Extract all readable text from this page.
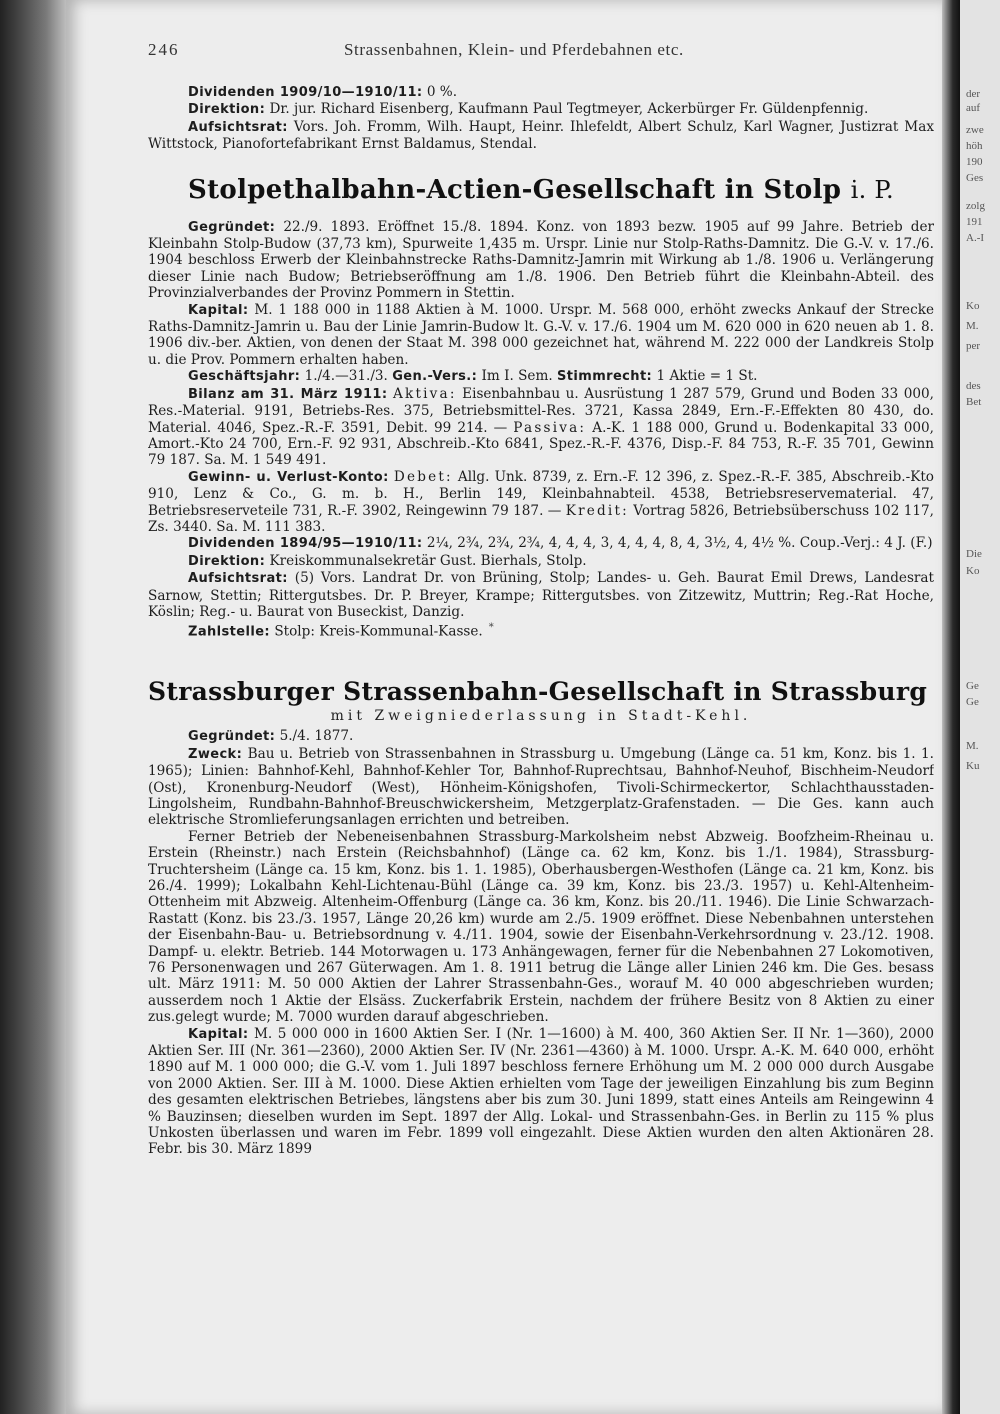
der
auf
zwe
höh
190
Ges
zolg
191
A.-I
Ko
M.
per
des
Bet
Die
Ko
Ge
Ge
M.
Ku
246	Strassenbahnen, Klein- und Pferdebahnen etc.

Dividenden 1909/10—1910/11: 0 %.

Direktion: Dr. jur. Richard Eisenberg, Kaufmann Paul Tegtmeyer, Ackerbürger Fr. Güldenpfennig.

Aufsichtsrat: Vors. Joh. Fromm, Wilh. Haupt, Heinr. Ihlefeldt, Albert Schulz, Karl Wagner, Justizrat Max Wittstock, Pianofortefabrikant Ernst Baldamus, Stendal.

Stolpethalbahn-Actien-Gesellschaft in Stolp i. P.

Gegründet: 22./9. 1893. Eröffnet 15./8. 1894. Konz. von 1893 bezw. 1905 auf 99 Jahre. Betrieb der Kleinbahn Stolp-Budow (37,73 km), Spurweite 1,435 m. Urspr. Linie nur Stolp-Raths-Damnitz. Die G.-V. v. 17./6. 1904 beschloss Erwerb der Kleinbahnstrecke Raths-Damnitz-Jamrin mit Wirkung ab 1./8. 1906 u. Verlängerung dieser Linie nach Budow; Betriebseröffnung am 1./8. 1906. Den Betrieb führt die Kleinbahn-Abteil. des Provinzialverbandes der Provinz Pommern in Stettin.

Kapital: M. 1 188 000 in 1188 Aktien à M. 1000. Urspr. M. 568 000, erhöht zwecks Ankauf der Strecke Raths-Damnitz-Jamrin u. Bau der Linie Jamrin-Budow lt. G.-V. v. 17./6. 1904 um M. 620 000 in 620 neuen ab 1. 8. 1906 div.-ber. Aktien, von denen der Staat M. 398 000 gezeichnet hat, während M. 222 000 der Landkreis Stolp u. die Prov. Pommern erhalten haben.

Geschäftsjahr: 1./4.—31./3. Gen.-Vers.: Im I. Sem. Stimmrecht: 1 Aktie = 1 St.

Bilanz am 31. März 1911: Aktiva: Eisenbahnbau u. Ausrüstung 1 287 579, Grund und Boden 33 000, Res.-Material. 9191, Betriebs-Res. 375, Betriebsmittel-Res. 3721, Kassa 2849, Ern.-F.-Effekten 80 430, do. Material. 4046, Spez.-R.-F. 3591, Debit. 99 214. — Passiva: A.-K. 1 188 000, Grund u. Bodenkapital 33 000, Amort.-Kto 24 700, Ern.-F. 92 931, Abschreib.-Kto 6841, Spez.-R.-F. 4376, Disp.-F. 84 753, R.-F. 35 701, Gewinn 79 187. Sa. M. 1 549 491.

Gewinn- u. Verlust-Konto: Debet: Allg. Unk. 8739, z. Ern.-F. 12 396, z. Spez.-R.-F. 385, Abschreib.-Kto 910, Lenz & Co., G. m. b. H., Berlin 149, Kleinbahnabteil. 4538, Betriebsreservematerial. 47, Betriebsreserveteile 731, R.-F. 3902, Reingewinn 79 187. — Kredit: Vortrag 5826, Betriebsüberschuss 102 117, Zs. 3440. Sa. M. 111 383.

Dividenden 1894/95—1910/11: 2¼, 2¾, 2¾, 2¾, 4, 4, 4, 3, 4, 4, 4, 8, 4, 3½, 4, 4½ %. Coup.-Verj.: 4 J. (F.)

Direktion: Kreiskommunalsekretär Gust. Bierhals, Stolp.

Aufsichtsrat: (5) Vors. Landrat Dr. von Brüning, Stolp; Landes- u. Geh. Baurat Emil Drews, Landesrat Sarnow, Stettin; Rittergutsbes. Dr. P. Breyer, Krampe; Rittergutsbes. von Zitzewitz, Muttrin; Reg.-Rat Hoche, Köslin; Reg.- u. Baurat von Buseckist, Danzig.

Zahlstelle: Stolp: Kreis-Kommunal-Kasse. *

Strassburger Strassenbahn-Gesellschaft in Strassburg
mit Zweigniederlassung in Stadt-Kehl.

Gegründet: 5./4. 1877.

Zweck: Bau u. Betrieb von Strassenbahnen in Strassburg u. Umgebung (Länge ca. 51 km, Konz. bis 1. 1. 1965); Linien: Bahnhof-Kehl, Bahnhof-Kehler Tor, Bahnhof-Ruprechtsau, Bahnhof-Neuhof, Bischheim-Neudorf (Ost), Kronenburg-Neudorf (West), Hönheim-Königshofen, Tivoli-Schirmeckertor, Schlachthausstaden-Lingolsheim, Rundbahn-Bahnhof-Breuschwickersheim, Metzgerplatz-Grafenstaden. — Die Ges. kann auch elektrische Stromlieferungsanlagen errichten und betreiben.

Ferner Betrieb der Nebeneisenbahnen Strassburg-Markolsheim nebst Abzweig. Boofzheim-Rheinau u. Erstein (Rheinstr.) nach Erstein (Reichsbahnhof) (Länge ca. 62 km, Konz. bis 1./1. 1984), Strassburg-Truchtersheim (Länge ca. 15 km, Konz. bis 1. 1. 1985), Oberhausbergen-Westhofen (Länge ca. 21 km, Konz. bis 26./4. 1999); Lokalbahn Kehl-Lichtenau-Bühl (Länge ca. 39 km, Konz. bis 23./3. 1957) u. Kehl-Altenheim-Ottenheim mit Abzweig. Altenheim-Offenburg (Länge ca. 36 km, Konz. bis 20./11. 1946). Die Linie Schwarzach-Rastatt (Konz. bis 23./3. 1957, Länge 20,26 km) wurde am 2./5. 1909 eröffnet. Diese Nebenbahnen unterstehen der Eisenbahn-Bau- u. Betriebsordnung v. 4./11. 1904, sowie der Eisenbahn-Verkehrsordnung v. 23./12. 1908. Dampf- u. elektr. Betrieb. 144 Motorwagen u. 173 Anhängewagen, ferner für die Nebenbahnen 27 Lokomotiven, 76 Personenwagen und 267 Güterwagen. Am 1. 8. 1911 betrug die Länge aller Linien 246 km. Die Ges. besass ult. März 1911: M. 50 000 Aktien der Lahrer Strassenbahn-Ges., worauf M. 40 000 abgeschrieben wurden; ausserdem noch 1 Aktie der Elsäss. Zuckerfabrik Erstein, nachdem der frühere Besitz von 8 Aktien zu einer zus.gelegt wurde; M. 7000 wurden darauf abgeschrieben.

Kapital: M. 5 000 000 in 1600 Aktien Ser. I (Nr. 1—1600) à M. 400, 360 Aktien Ser. II Nr. 1—360), 2000 Aktien Ser. III (Nr. 361—2360), 2000 Aktien Ser. IV (Nr. 2361—4360) à M. 1000. Urspr. A.-K. M. 640 000, erhöht 1890 auf M. 1 000 000; die G.-V. vom 1. Juli 1897 beschloss fernere Erhöhung um M. 2 000 000 durch Ausgabe von 2000 Aktien. Ser. III à M. 1000. Diese Aktien erhielten vom Tage der jeweiligen Einzahlung bis zum Beginn des gesamten elektrischen Betriebes, längstens aber bis zum 30. Juni 1899, statt eines Anteils am Reingewinn 4 % Bauzinsen; dieselben wurden im Sept. 1897 der Allg. Lokal- und Strassenbahn-Ges. in Berlin zu 115 % plus Unkosten überlassen und waren im Febr. 1899 voll eingezahlt. Diese Aktien wurden den alten Aktionären 28. Febr. bis 30. März 1899
